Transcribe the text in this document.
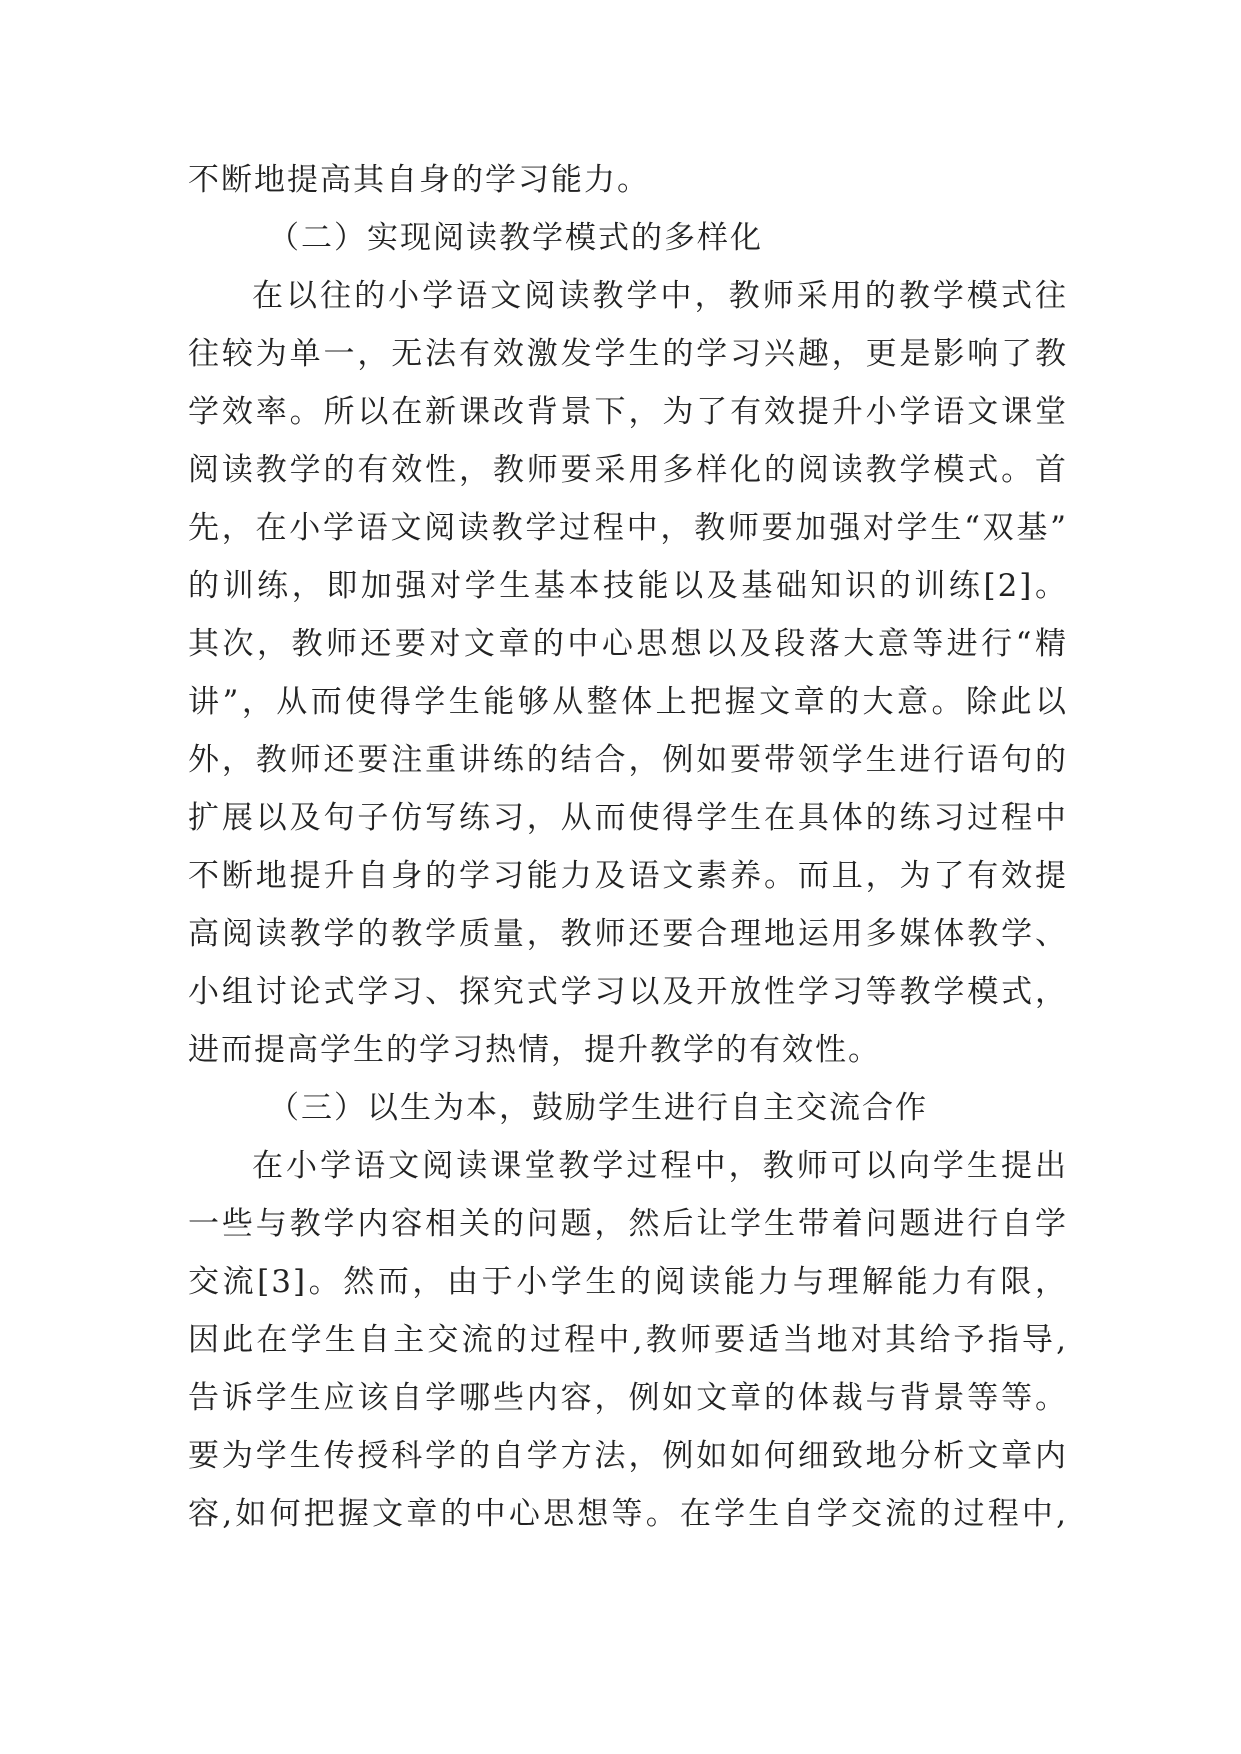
不断地提高其自身的学习能力。
（二）实现阅读教学模式的多样化
在以往的小学语文阅读教学中，教师采用的教学模式往
往较为单一，无法有效激发学生的学习兴趣，更是影响了教
学效率。所以在新课改背景下，为了有效提升小学语文课堂
阅读教学的有效性，教师要采用多样化的阅读教学模式。首
先，在小学语文阅读教学过程中，教师要加强对学生“双基”
的训练，即加强对学生基本技能以及基础知识的训练[2]。
其次，教师还要对文章的中心思想以及段落大意等进行“精
讲”，从而使得学生能够从整体上把握文章的大意。除此以
外，教师还要注重讲练的结合，例如要带领学生进行语句的
扩展以及句子仿写练习，从而使得学生在具体的练习过程中
不断地提升自身的学习能力及语文素养。而且，为了有效提
高阅读教学的教学质量，教师还要合理地运用多媒体教学、
小组讨论式学习、探究式学习以及开放性学习等教学模式，
进而提高学生的学习热情，提升教学的有效性。
（三）以生为本，鼓励学生进行自主交流合作
在小学语文阅读课堂教学过程中，教师可以向学生提出
一些与教学内容相关的问题，然后让学生带着问题进行自学
交流[3]。然而，由于小学生的阅读能力与理解能力有限，
因此在学生自主交流的过程中,教师要适当地对其给予指导,
告诉学生应该自学哪些内容，例如文章的体裁与背景等等。
要为学生传授科学的自学方法，例如如何细致地分析文章内
容,如何把握文章的中心思想等。在学生自学交流的过程中,
